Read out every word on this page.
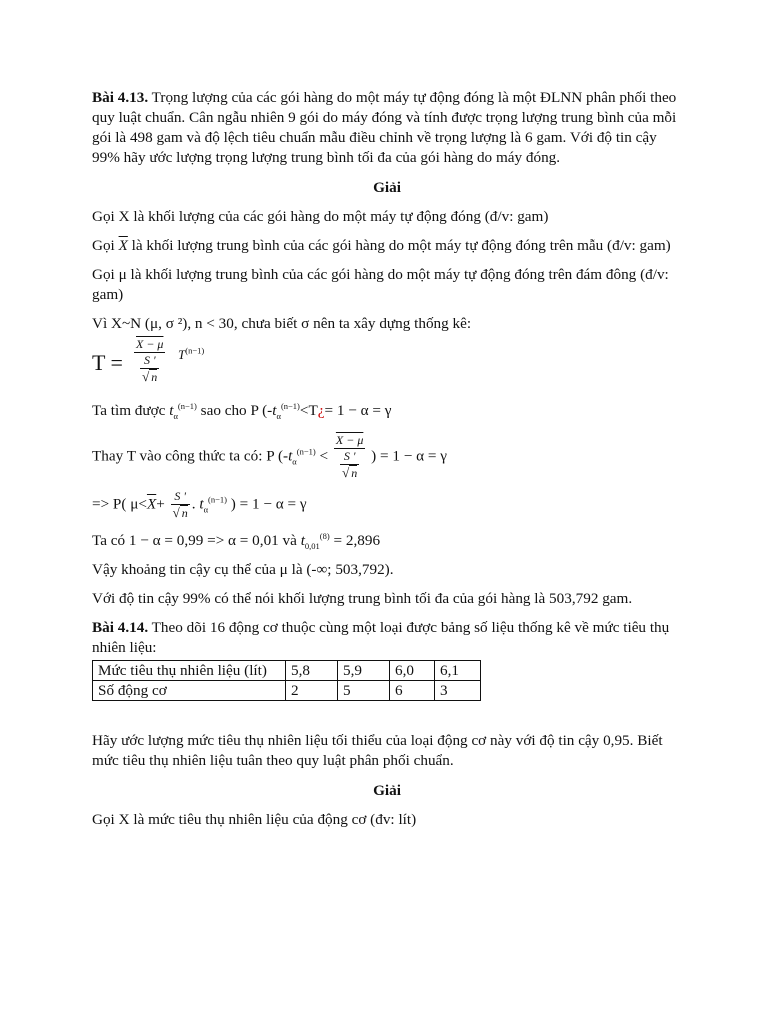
Bài 4.13. Trọng lượng của các gói hàng do một máy tự động đóng là một ĐLNN phân phối theo quy luật chuẩn. Cân ngẫu nhiên 9 gói do máy đóng và tính được trọng lượng trung bình của mỗi gói là 498 gam và độ lệch tiêu chuẩn mẫu điều chỉnh về trọng lượng là 6 gam. Với độ tin cậy 99% hãy ước lượng trọng lượng trung bình tối đa của gói hàng do máy đóng.

Giải

Gọi X là khối lượng của các gói hàng do một máy tự động đóng (đ/v: gam)

Gọi $\overline{X}$ là khối lượng trung bình của các gói hàng do một máy tự động đóng trên mẫu (đ/v: gam)

Gọi μ là khối lượng trung bình của các gói hàng do một máy tự động đóng trên đám đông (đ/v: gam)

Vì X~N (μ, σ ²), n < 30, chưa biết σ nên ta xây dựng thống kê:

$T = \frac{X - \mu}{\frac{S '}{√ n}} T^{(n-1)}$

Ta tìm được $t_\alpha^{(n-1)}$ sao cho P ($-t_\alpha^{(n-1)}<T¿= 1 - \alpha = \gamma$

Thay T vào công thức ta có: P ($-t_\alpha^{(n-1)} < \frac{X - \mu}{\frac{S '}{√ n}}$ ) = 1 − α = γ

=> P( $\mu<\overline{X}+ \frac{S '}{√ n}$ . $t_\alpha^{(n-1)}$ ) = 1 − α = γ

Ta có 1 − α = 0,99 => α = 0,01 và $t_{0,01}^{(8)} = 2,896$

Vậy khoảng tin cậy cụ thể của μ là (-∞; 503,792).

Với độ tin cậy 99% có thể nói khối lượng trung bình tối đa của gói hàng là 503,792 gam.

Bài 4.14. Theo dõi 16 động cơ thuộc cùng một loại được bảng số liệu thống kê về mức tiêu thụ nhiên liệu:

Mức tiêu thụ nhiên liệu (lít)	5,8	5,9	6,0	6,1
Số động cơ	2	5	6	3

Hãy ước lượng mức tiêu thụ nhiên liệu tối thiểu của loại động cơ này với độ tin cậy 0,95. Biết mức tiêu thụ nhiên liệu tuân theo quy luật phân phối chuẩn.

Giải

Gọi X là mức tiêu thụ nhiên liệu của động cơ (đv: lít)
